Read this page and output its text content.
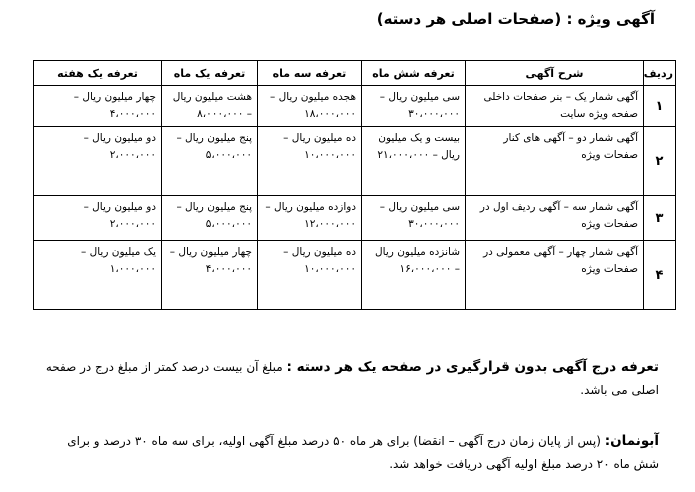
آگهی ویژه : (صفحات اصلی هر دسته)
ردیف	شرح آگهی	تعرفه شش ماه	تعرفه سه ماه	تعرفه یک ماه	تعرفه یک هفته
۱	آگهی شمار یک – بنر صفحات داخلی صفحه ویژه سایت	سی میلیون ریال – ۳۰،۰۰۰،۰۰۰	هجده میلیون ریال – ۱۸،۰۰۰،۰۰۰	هشت میلیون ریال – ۸،۰۰۰،۰۰۰	چهار میلیون ریال – ۴،۰۰۰،۰۰۰
۲	آگهی شمار دو – آگهی های کنار صفحات ویژه	بیست و یک میلیون ریال – ۲۱،۰۰۰،۰۰۰	ده میلیون ریال – ۱۰،۰۰۰،۰۰۰	پنج میلیون ریال – ۵،۰۰۰،۰۰۰	دو میلیون ریال – ۲،۰۰۰،۰۰۰
۳	آگهی شمار سه – آگهی ردیف اول در صفحات ویژه	سی میلیون ریال – ۳۰،۰۰۰،۰۰۰	دوازده میلیون ریال – ۱۲،۰۰۰،۰۰۰	پنج میلیون ریال – ۵،۰۰۰،۰۰۰	دو میلیون ریال – ۲،۰۰۰،۰۰۰
۴	آگهی شمار چهار – آگهی معمولی در صفحات ویژه	شانزده میلیون ریال – ۱۶،۰۰۰،۰۰۰	ده میلیون ریال – ۱۰،۰۰۰،۰۰۰	چهار میلیون ریال – ۴،۰۰۰،۰۰۰	یک میلیون ریال – ۱،۰۰۰،۰۰۰
تعرفه درج آگهی بدون قرارگیری در صفحه یک هر دسته : مبلغ آن بیست درصد کمتر از مبلغ درج در صفحه اصلی می باشد.
آبونمان: (پس از پایان زمان درج آگهی – انقضا) برای هر ماه ۵۰ درصد مبلغ آگهی اولیه، برای سه ماه ۳۰ درصد و برای شش ماه ۲۰ درصد مبلغ اولیه آگهی دریافت خواهد شد.
